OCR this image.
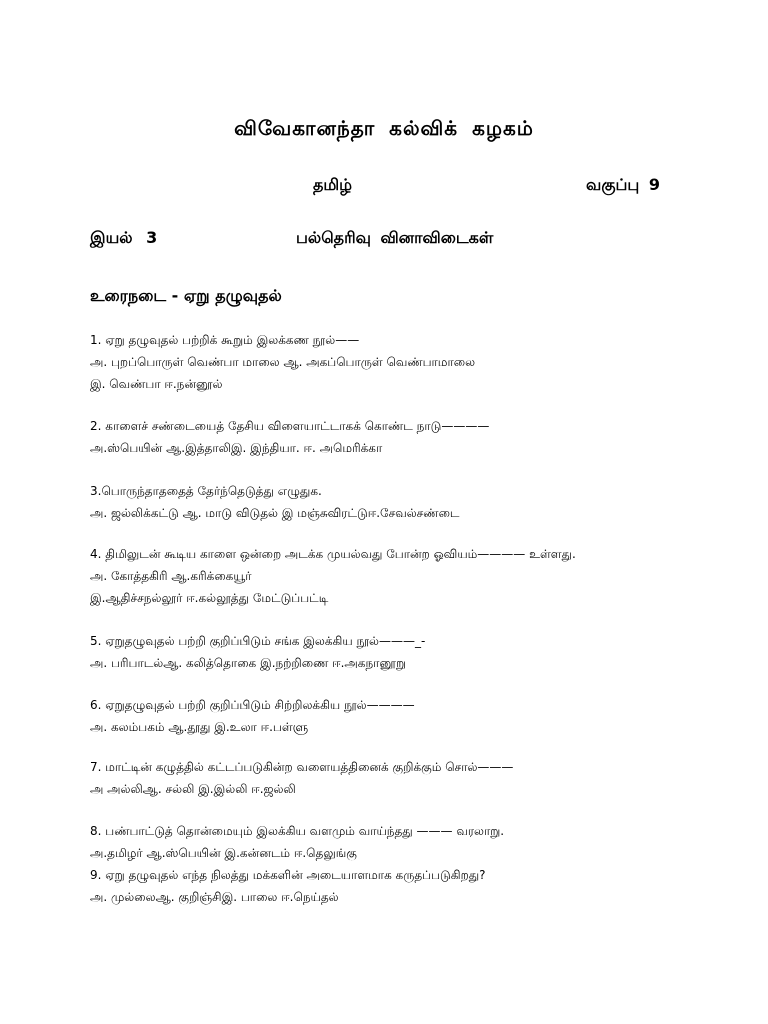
விவேகானந்தா கல்விக் கழகம்
தமிழ்	வகுப்பு 9
இயல் 3	பல்தெரிவு வினாவிடைகள்
உரைநடை - ஏறு தழுவுதல்
1. ஏறு தழுவுதல் பற்றிக் கூறும் இலக்கண நூல்——
அ. புறப்பொருள் வெண்பா மாலை ஆ. அகப்பொருள் வெண்பாமாலை
இ. வெண்பா ஈ.நன்னூல்
2. காளைச் சண்டையைத் தேசிய விளையாட்டாகக் கொண்ட நாடு————
அ.ஸ்பெயின் ஆ.இத்தாலிஇ. இந்தியா. ஈ. அமெரிக்கா
3.பொருந்தாததைத் தேர்ந்தெடுத்து எழுதுக.
அ. ஜல்லிக்கட்டு ஆ. மாடு விடுதல் இ மஞ்சுவிரட்டுஈ.சேவல்சண்டை
4. திமிலுடன் கூடிய காளை ஒன்றை அடக்க முயல்வது போன்ற ஓவியம்———— உள்ளது.
அ. கோத்தகிரி ஆ.கரிக்கையூர்
இ.ஆதிச்சநல்லூர் ஈ.கல்லூத்து மேட்டுப்பட்டி
5. ஏறுதழுவுதல் பற்றி குறிப்பிடும் சங்க இலக்கிய நூல்———_-
அ. பரிபாடல்ஆ. கலித்தொகை இ.நற்றிணை ஈ.அகநானூறு
6. ஏறுதழுவுதல் பற்றி குறிப்பிடும் சிற்றிலக்கிய நூல்————
அ. கலம்பகம் ஆ.தூது இ.உலா ஈ.பள்ளு
7. மாட்டின் கழுத்தில் கட்டப்படுகின்ற வளையத்தினைக் குறிக்கும் சொல்———
அ அல்லிஆ. சல்லி இ.இல்லி ஈ.ஜல்லி
8. பண்பாட்டுத் தொன்மையும் இலக்கிய வளமும் வாய்ந்தது ——— வரலாறு.
அ.தமிழர் ஆ.ஸ்பெயின் இ.கன்னடம் ஈ.தெலுங்கு
9. ஏறு தழுவுதல் எந்த நிலத்து மக்களின் அடையாளமாக கருதப்படுகிறது?
அ. முல்லைஆ. குறிஞ்சிஇ. பாலை ஈ.நெய்தல்
